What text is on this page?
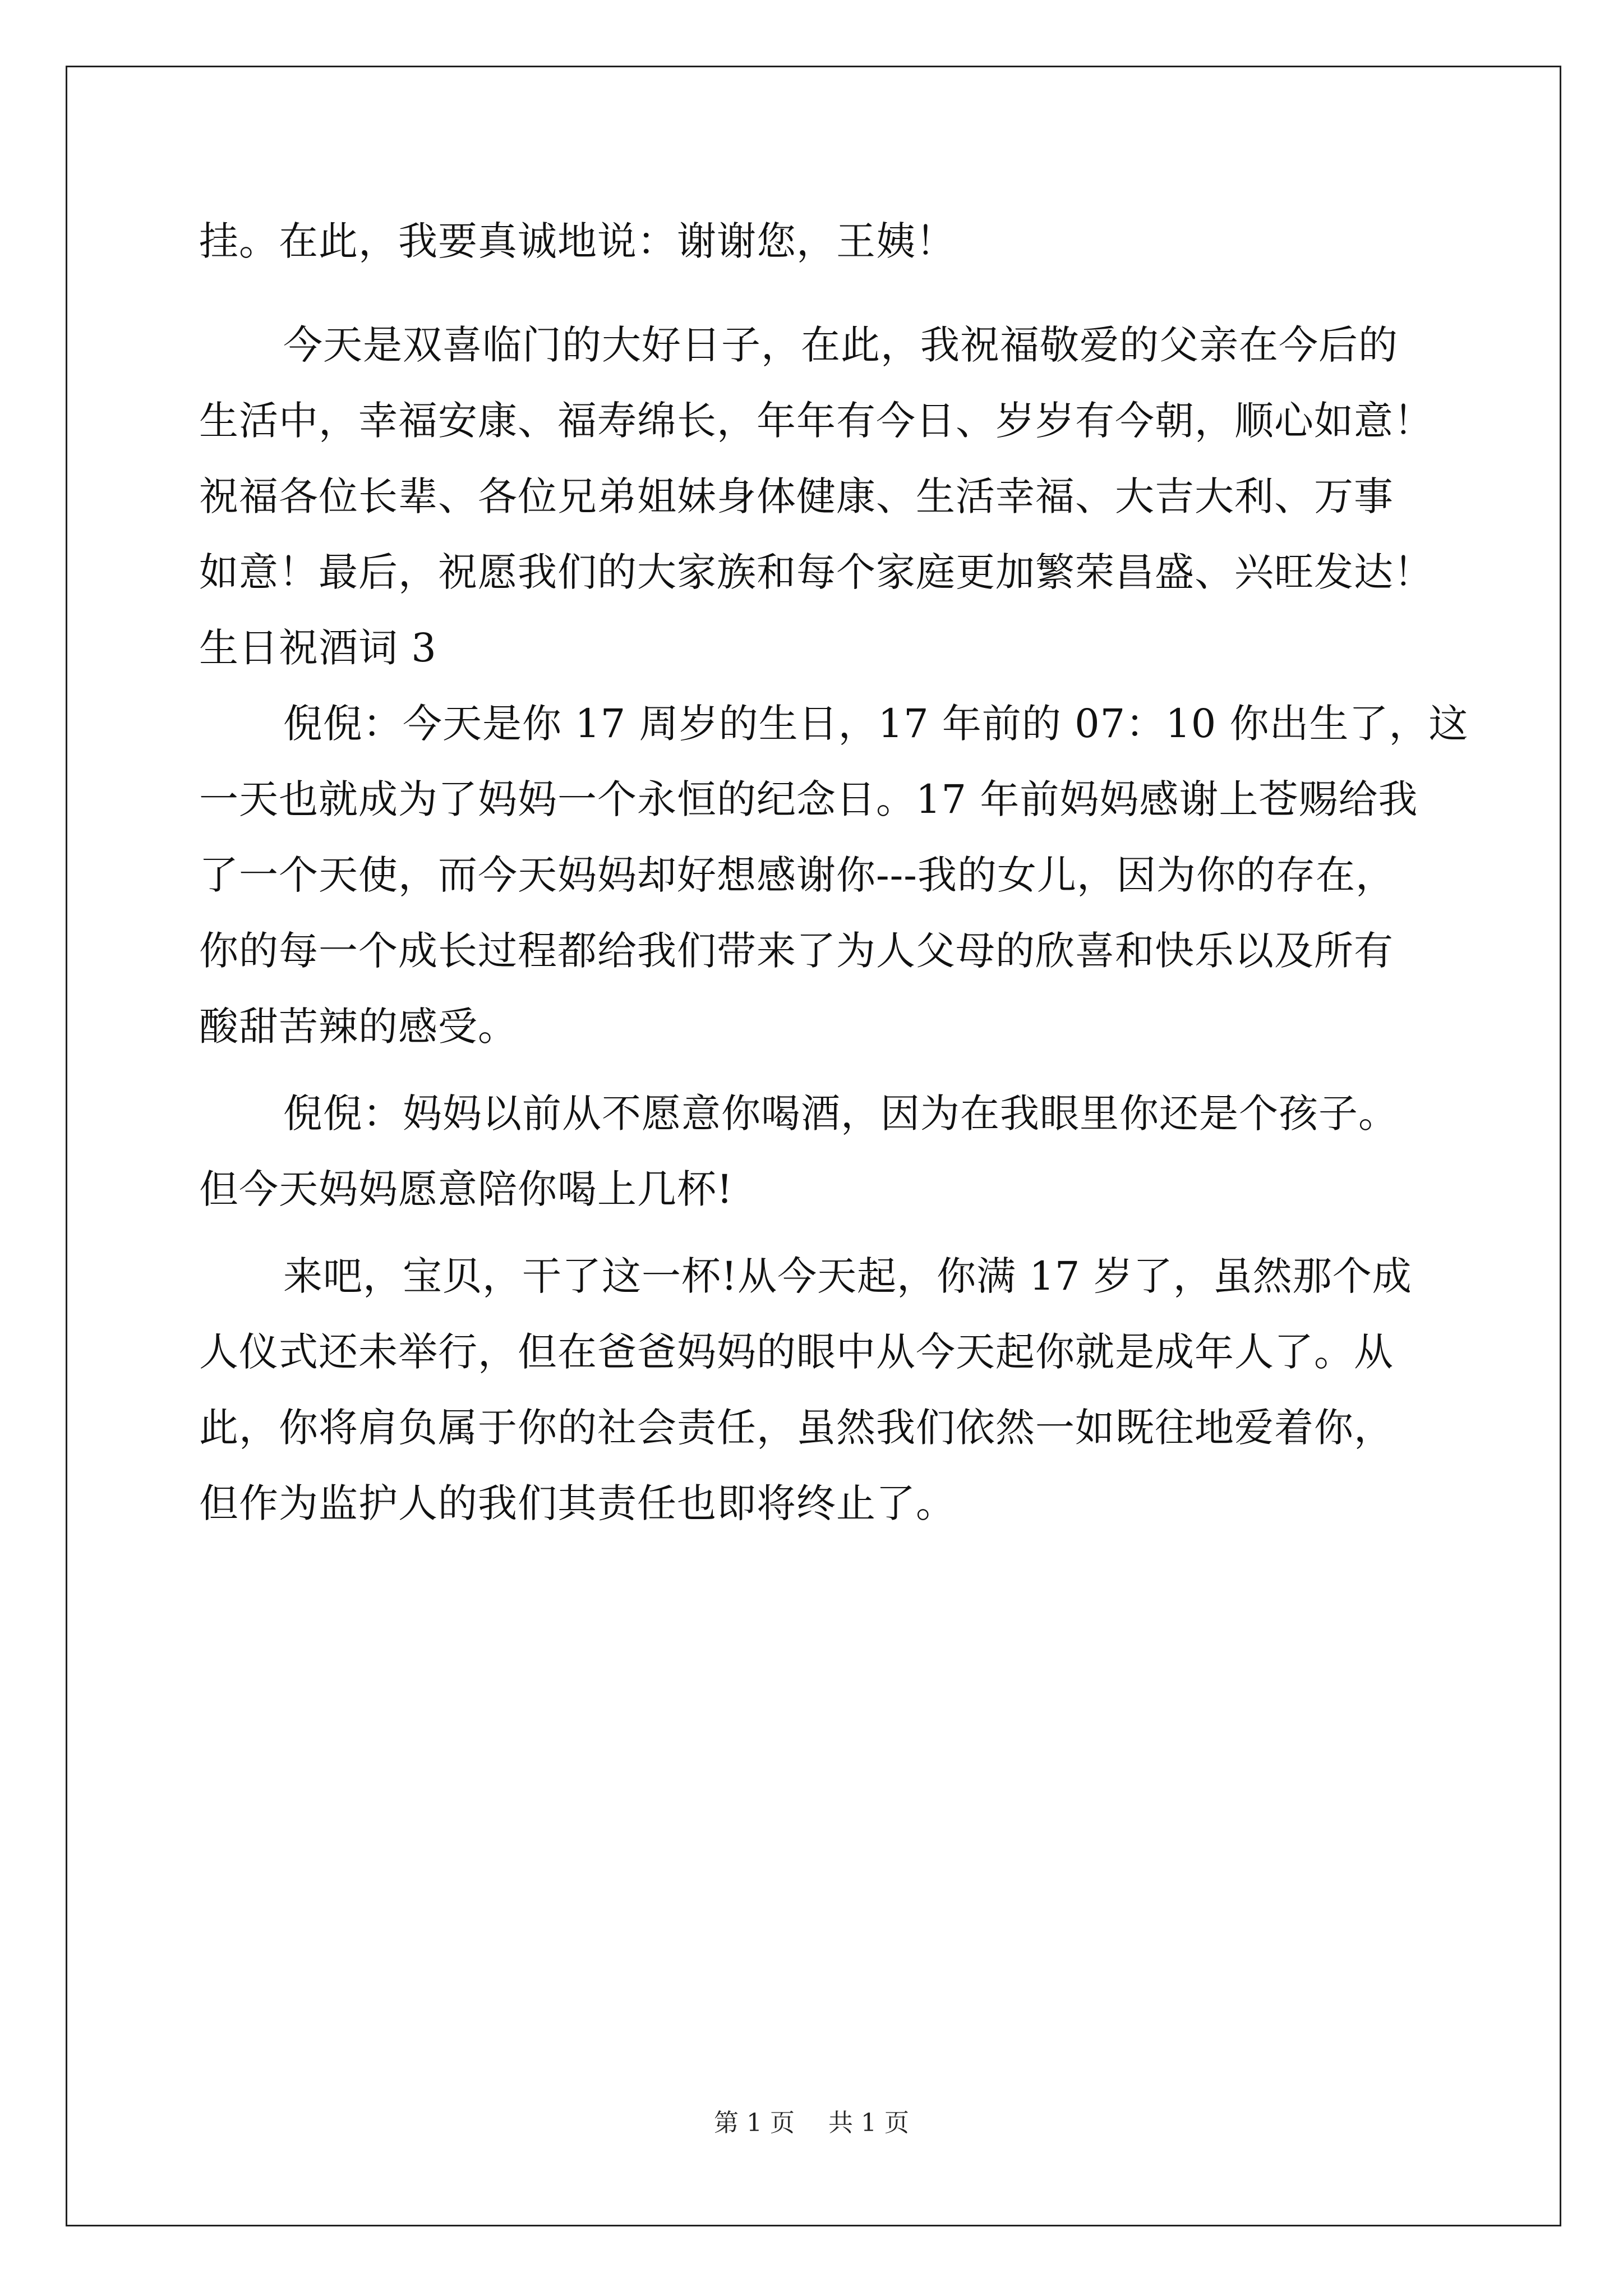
挂。在此，我要真诚地说：谢谢您，王姨！
今天是双喜临门的大好日子，在此，我祝福敬爱的父亲在今后的
生活中，幸福安康、福寿绵长，年年有今日、岁岁有今朝，顺心如意！
祝福各位长辈、各位兄弟姐妹身体健康、生活幸福、大吉大利、万事
如意！最后，祝愿我们的大家族和每个家庭更加繁荣昌盛、兴旺发达！
生日祝酒词 3
倪倪：今天是你 17 周岁的生日，17 年前的 07：10 你出生了，这
一天也就成为了妈妈一个永恒的纪念日。17 年前妈妈感谢上苍赐给我
了一个天使，而今天妈妈却好想感谢你---我的女儿，因为你的存在，
你的每一个成长过程都给我们带来了为人父母的欣喜和快乐以及所有
酸甜苦辣的感受。
倪倪：妈妈以前从不愿意你喝酒，因为在我眼里你还是个孩子。
但今天妈妈愿意陪你喝上几杯!
来吧，宝贝，干了这一杯!从今天起，你满 17 岁了，虽然那个成
人仪式还未举行，但在爸爸妈妈的眼中从今天起你就是成年人了。从
此，你将肩负属于你的社会责任，虽然我们依然一如既往地爱着你，
但作为监护人的我们其责任也即将终止了。
第 1 页 共 1 页
